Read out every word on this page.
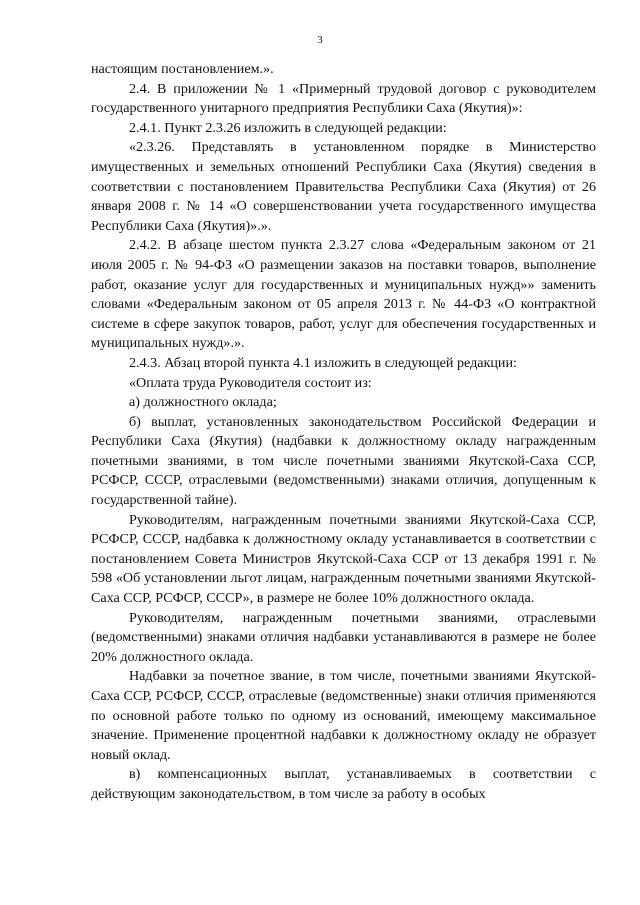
3

настоящим постановлением.».

2.4. В приложении № 1 «Примерный трудовой договор с руководителем государственного унитарного предприятия Республики Саха (Якутия)»:

2.4.1. Пункт 2.3.26 изложить в следующей редакции:

«2.3.26. Представлять в установленном порядке в Министерство имущественных и земельных отношений Республики Саха (Якутия) сведения в соответствии с постановлением Правительства Республики Саха (Якутия) от 26 января 2008 г. № 14 «О совершенствовании учета государственного имущества Республики Саха (Якутия)».».

2.4.2. В абзаце шестом пункта 2.3.27 слова «Федеральным законом от 21 июля 2005 г. № 94-ФЗ «О размещении заказов на поставки товаров, выполнение работ, оказание услуг для государственных и муниципальных нужд»» заменить словами «Федеральным законом от 05 апреля 2013 г. № 44-ФЗ «О контрактной системе в сфере закупок товаров, работ, услуг для обеспечения государственных и муниципальных нужд».».

2.4.3. Абзац второй пункта 4.1 изложить в следующей редакции:

«Оплата труда Руководителя состоит из:

а) должностного оклада;

б) выплат, установленных законодательством Российской Федерации и Республики Саха (Якутия) (надбавки к должностному окладу награжденным почетными званиями, в том числе почетными званиями Якутской-Саха ССР, РСФСР, СССР, отраслевыми (ведомственными) знаками отличия, допущенным к государственной тайне).

Руководителям, награжденным почетными званиями Якутской-Саха ССР, РСФСР, СССР, надбавка к должностному окладу устанавливается в соответствии с постановлением Совета Министров Якутской-Саха ССР от 13 декабря 1991 г. № 598 «Об установлении льгот лицам, награжденным почетными званиями Якутской-Саха ССР, РСФСР, СССР», в размере не более 10% должностного оклада.

Руководителям, награжденным почетными званиями, отраслевыми (ведомственными) знаками отличия надбавки устанавливаются в размере не более 20% должностного оклада.

Надбавки за почетное звание, в том числе, почетными званиями Якутской-Саха ССР, РСФСР, СССР, отраслевые (ведомственные) знаки отличия применяются по основной работе только по одному из оснований, имеющему максимальное значение. Применение процентной надбавки к должностному окладу не образует новый оклад.

в) компенсационных выплат, устанавливаемых в соответствии с действующим законодательством, в том числе за работу в особых
